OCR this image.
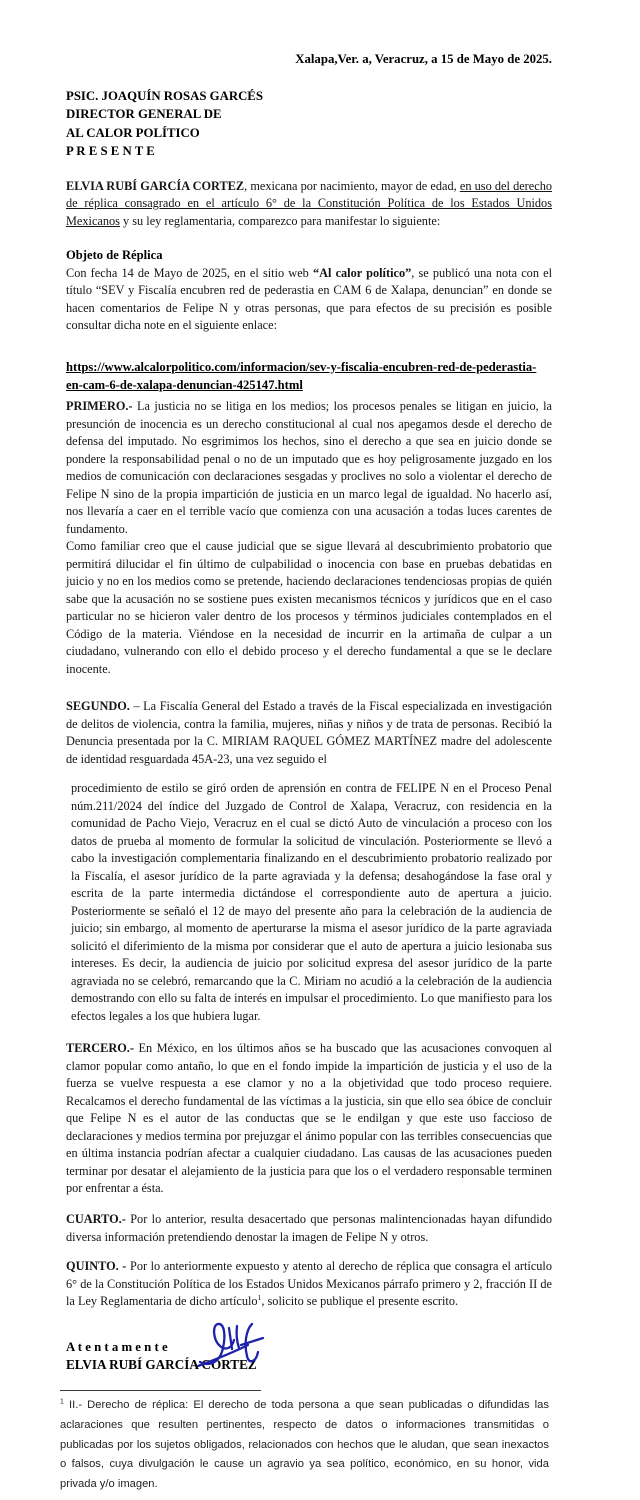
Xalapa,Ver. a, Veracruz, a 15 de Mayo de 2025.
PSIC. JOAQUÍN ROSAS GARCÉS
DIRECTOR GENERAL DE
AL CALOR POLÍTICO
P R E S E N T E

ELVIA RUBÍ GARCÍA CORTEZ, mexicana por nacimiento, mayor de edad, en uso del derecho de réplica consagrado en el artículo 6° de la Constitución Política de los Estados Unidos Mexicanos y su ley reglamentaria, comparezco para manifestar lo siguiente:

Objeto de Réplica

Con fecha 14 de Mayo de 2025, en el sitio web “Al calor político”, se publicó una nota con el título “SEV y Fiscalía encubren red de pederastia en CAM 6 de Xalapa, denuncian” en donde se hacen comentarios de Felipe N y otras personas, que para efectos de su precisión es posible consultar dicha note en el siguiente enlace:

https://www.alcalorpolitico.com/informacion/sev-y-fiscalia-encubren-red-de-pederastia-en-cam-6-de-xalapa-denuncian-425147.html

PRIMERO.- La justicia no se litiga en los medios; los procesos penales se litigan en juicio, la presunción de inocencia es un derecho constitucional al cual nos apegamos desde el derecho de defensa del imputado. No esgrimimos los hechos, sino el derecho a que sea en juicio donde se pondere la responsabilidad penal o no de un imputado que es hoy peligrosamente juzgado en los medios de comunicación con declaraciones sesgadas y proclives no solo a violentar el derecho de Felipe N sino de la propia impartición de justicia en un marco legal de igualdad. No hacerlo así, nos llevaría a caer en el terrible vacío que comienza con una acusación a todas luces carentes de fundamento.

Como familiar creo que el cause judicial que se sigue llevará al descubrimiento probatorio que permitirá dilucidar el fin último de culpabilidad o inocencia con base en pruebas debatidas en juicio y no en los medios como se pretende, haciendo declaraciones tendenciosas propias de quién sabe que la acusación no se sostiene pues existen mecanismos técnicos y jurídicos que en el caso particular no se hicieron valer dentro de los procesos y términos judiciales contemplados en el Código de la materia. Viéndose en la necesidad de incurrir en la artimaña de culpar a un ciudadano, vulnerando con ello el debido proceso y el derecho fundamental a que se le declare inocente.

SEGUNDO. – La Fiscalía General del Estado a través de la Fiscal especializada en investigación de delitos de violencia, contra la familia, mujeres, niñas y niños y de trata de personas. Recibió la Denuncia presentada por la C. MIRIAM RAQUEL GÓMEZ MARTÍNEZ madre del adolescente de identidad resguardada 45A-23, una vez seguido el

procedimiento de estilo se giró orden de aprensión en contra de FELIPE N en el Proceso Penal núm.211/2024 del índice del Juzgado de Control de Xalapa, Veracruz, con residencia en la comunidad de Pacho Viejo, Veracruz en el cual se dictó Auto de vinculación a proceso con los datos de prueba al momento de formular la solicitud de vinculación. Posteriormente se llevó a cabo la investigación complementaria finalizando en el descubrimiento probatorio realizado por la Fiscalía, el asesor jurídico de la parte agraviada y la defensa; desahogándose la fase oral y escrita de la parte intermedia dictándose el correspondiente auto de apertura a juicio. Posteriormente se señaló el 12 de mayo del presente año para la celebración de la audiencia de juicio; sin embargo, al momento de aperturarse la misma el asesor jurídico de la parte agraviada solicitó el diferimiento de la misma por considerar que el auto de apertura a juicio lesionaba sus intereses. Es decir, la audiencia de juicio por solicitud expresa del asesor jurídico de la parte agraviada no se celebró, remarcando que la C. Miriam no acudió a la celebración de la audiencia demostrando con ello su falta de interés en impulsar el procedimiento. Lo que manifiesto para los efectos legales a los que hubiera lugar.

TERCERO.- En México, en los últimos años se ha buscado que las acusaciones convoquen al clamor popular como antaño, lo que en el fondo impide la impartición de justicia y el uso de la fuerza se vuelve respuesta a ese clamor y no a la objetividad que todo proceso requiere. Recalcamos el derecho fundamental de las víctimas a la justicia, sin que ello sea óbice de concluir que Felipe N es el autor de las conductas que se le endilgan y que este uso faccioso de declaraciones y medios termina por prejuzgar el ánimo popular con las terribles consecuencias que en última instancia podrían afectar a cualquier ciudadano. Las causas de las acusaciones pueden terminar por desatar el alejamiento de la justicia para que los o el verdadero responsable terminen por enfrentar a ésta.

CUARTO.- Por lo anterior, resulta desacertado que personas malintencionadas hayan difundido diversa información pretendiendo denostar la imagen de Felipe N y otros.

QUINTO. - Por lo anteriormente expuesto y atento al derecho de réplica que consagra el artículo 6° de la Constitución Política de los Estados Unidos Mexicanos párrafo primero y 2, fracción II de la Ley Reglamentaria de dicho artículo$^1$, solicito se publique el presente escrito.

A t e n t a m e n t e
ELVIA RUBÍ GARCÍA CORTEZ
$^1$ II.- Derecho de réplica: El derecho de toda persona a que sean publicadas o difundidas las aclaraciones que resulten pertinentes, respecto de datos o informaciones transmitidas o publicadas por los sujetos obligados, relacionados con hechos que le aludan, que sean inexactos o falsos, cuya divulgación le cause un agravio ya sea político, económico, en su honor, vida privada y/o imagen.
